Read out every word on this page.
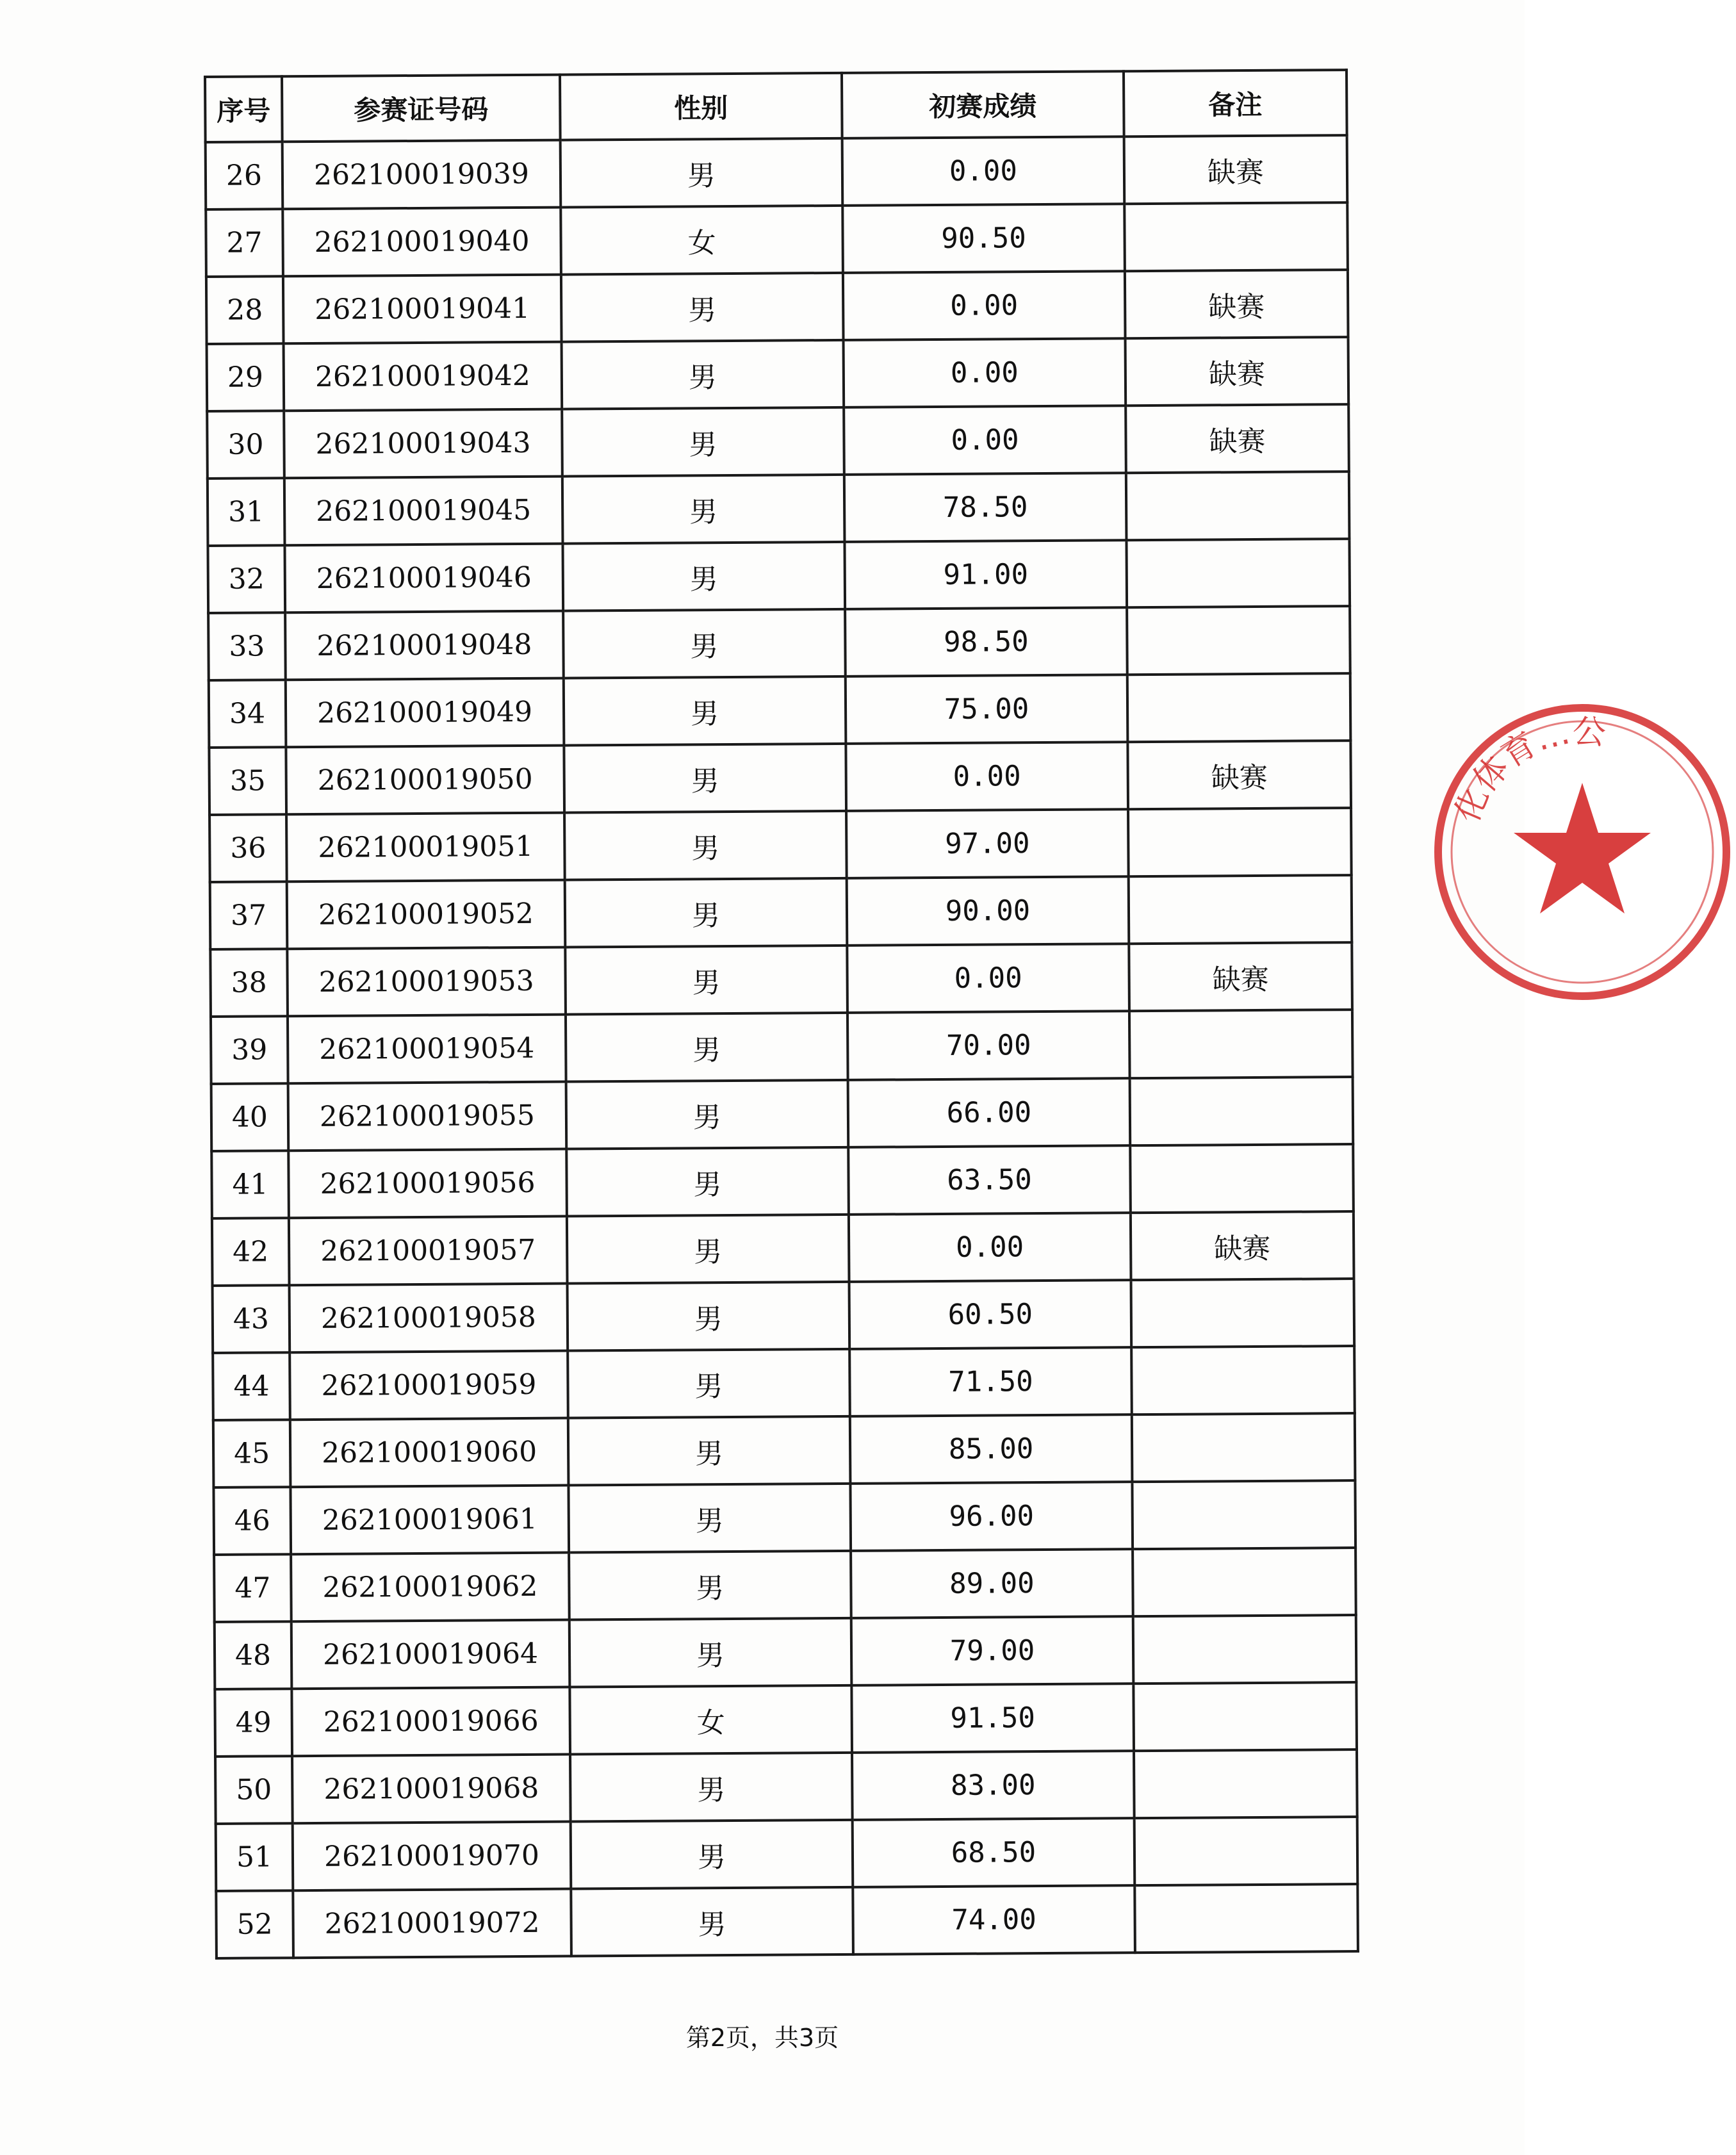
序号	参赛证号码	性别	初赛成绩	备注
26	262100019039	男	0.00	缺赛
27	262100019040	女	90.50	
28	262100019041	男	0.00	缺赛
29	262100019042	男	0.00	缺赛
30	262100019043	男	0.00	缺赛
31	262100019045	男	78.50	
32	262100019046	男	91.00	
33	262100019048	男	98.50	
34	262100019049	男	75.00	
35	262100019050	男	0.00	缺赛
36	262100019051	男	97.00	
37	262100019052	男	90.00	
38	262100019053	男	0.00	缺赛
39	262100019054	男	70.00	
40	262100019055	男	66.00	
41	262100019056	男	63.50	
42	262100019057	男	0.00	缺赛
43	262100019058	男	60.50	
44	262100019059	男	71.50	
45	262100019060	男	85.00	
46	262100019061	男	96.00	
47	262100019062	男	89.00	
48	262100019064	男	79.00	
49	262100019066	女	91.50	
50	262100019068	男	83.00	
51	262100019070	男	68.50	
52	262100019072	男	74.00	
第2页，共3页
化体育…公
